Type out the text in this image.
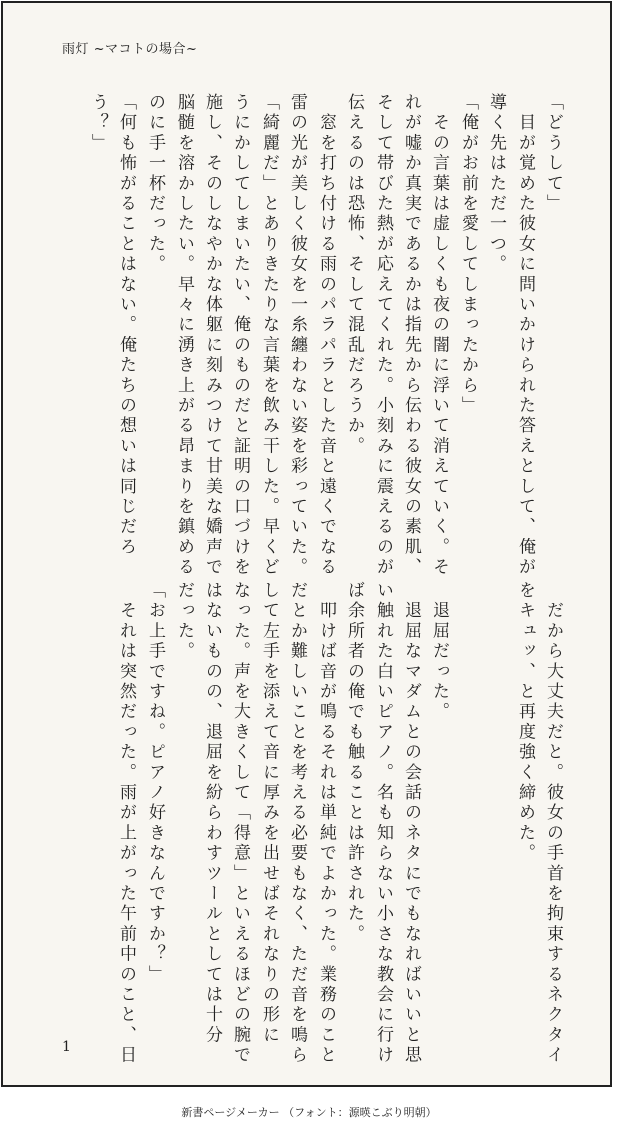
雨灯 ~マコトの場合~
「どうして」
　目が覚めた彼女に問いかけられた答えとして、俺が
導く先はただ一つ。
「俺がお前を愛してしまったから」
　その言葉は虚しくも夜の闇に浮いて消えていく。そ
れが嘘か真実であるかは指先から伝わる彼女の素肌、
そして帯びた熱が応えてくれた。小刻みに震えるのが
伝えるのは恐怖、そして混乱だろうか。
　窓を打ち付ける雨のパラパラとした音と遠くでなる
雷の光が美しく彼女を一糸纏わない姿を彩っていた。
「綺麗だ」とありきたりな言葉を飲み干した。早くど
うにかしてしまいたい、俺のものだと証明の口づけを
施し、そのしなやかな体躯に刻みつけて甘美な嬌声で
脳髄を溶かしたい。早々に湧き上がる昂まりを鎮める
のに手一杯だった。
「何も怖がることはない。俺たちの想いは同じだろ
う？」
　だから大丈夫だと。彼女の手首を拘束するネクタイ
をキュッ、と再度強く締めた。
　退屈だった。
　退屈なマダムとの会話のネタにでもなればいいと思
い触れた白いピアノ。名も知らない小さな教会に行け
ば余所者の俺でも触ることは許された。
　叩けば音が鳴るそれは単純でよかった。業務のこと
だとか難しいことを考える必要もなく、ただ音を鳴ら
して左手を添えて音に厚みを出せばそれなりの形に
なった。声を大きくして「得意」といえるほどの腕で
はないものの、退屈を紛らわすツールとしては十分
だった。
「お上手ですね。ピアノ好きなんですか？」
　それは突然だった。雨が上がった午前中のこと、日
1
新書ページメーカー （フォント：源暎こぶり明朝）
